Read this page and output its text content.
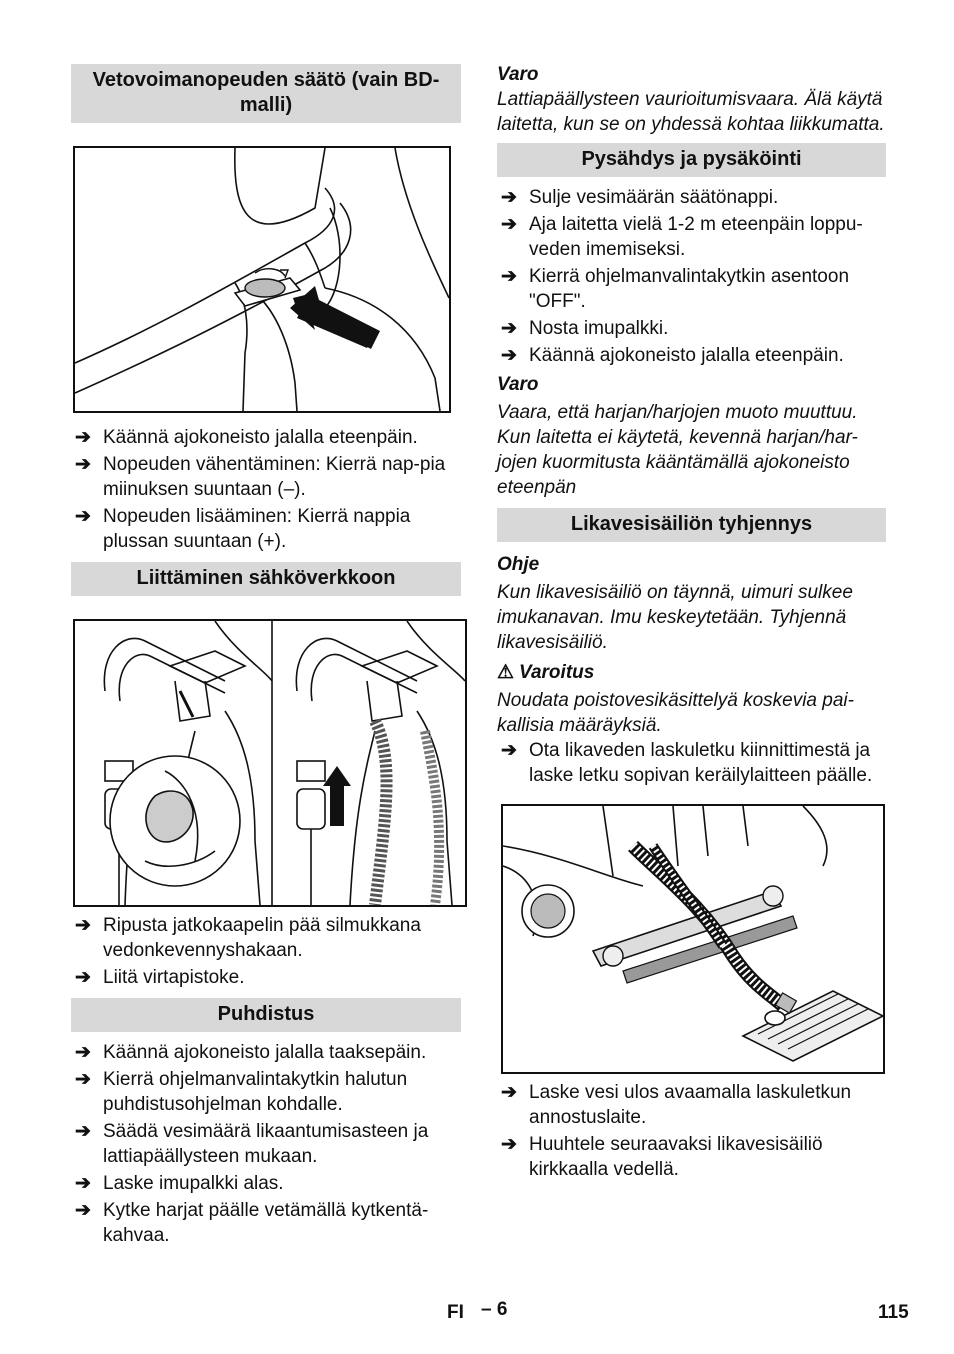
Vetovoimanopeuden säätö (vain BD-malli)
➔ Käännä ajokoneisto jalalla eteenpäin.
➔ Nopeuden vähentäminen: Kierrä nap-pia miinuksen suuntaan (–).
➔ Nopeuden lisääminen: Kierrä nappia plussan suuntaan (+).
Liittäminen sähköverkkoon
➔ Ripusta jatkokaapelin pää silmukkana vedonkevennyshakaan.
➔ Liitä virtapistoke.
Puhdistus
➔ Käännä ajokoneisto jalalla taaksepäin.
➔ Kierrä ohjelmanvalintakytkin halutun puhdistusohjelman kohdalle.
➔ Säädä vesimäärä likaantumisasteen ja lattiapäällysteen mukaan.
➔ Laske imupalkki alas.
➔ Kytke harjat päälle vetämällä kytkentä-kahvaa.
Varo
Lattiapäällysteen vaurioitumisvaara. Älä käytä laitetta, kun se on yhdessä kohtaa liikkumatta.
Pysähdys ja pysäköinti
➔ Sulje vesimäärän säätönappi.
➔ Aja laitetta vielä 1-2 m eteenpäin loppu-veden imemiseksi.
➔ Kierrä ohjelmanvalintakytkin asentoon "OFF".
➔ Nosta imupalkki.
➔ Käännä ajokoneisto jalalla eteenpäin.
Varo
Vaara, että harjan/harjojen muoto muuttuu. Kun laitetta ei käytetä, kevennä harjan/har-jojen kuormitusta kääntämällä ajokoneisto eteenpän
Likavesisäiliön tyhjennys
Ohje
Kun likavesisäiliö on täynnä, uimuri sulkee imukanavan. Imu keskeytetään. Tyhjennä likavesisäiliö.
⚠ Varoitus
Noudata poistovesikäsittelyä koskevia pai-kallisia määräyksiä.
➔ Ota likaveden laskuletku kiinnittimestä ja laske letku sopivan keräilylaitteen päälle.
➔ Laske vesi ulos avaamalla laskuletkun annostuslaite.
➔ Huuhtele seuraavaksi likavesisäiliö kirkkaalla vedellä.
FI – 6	115
